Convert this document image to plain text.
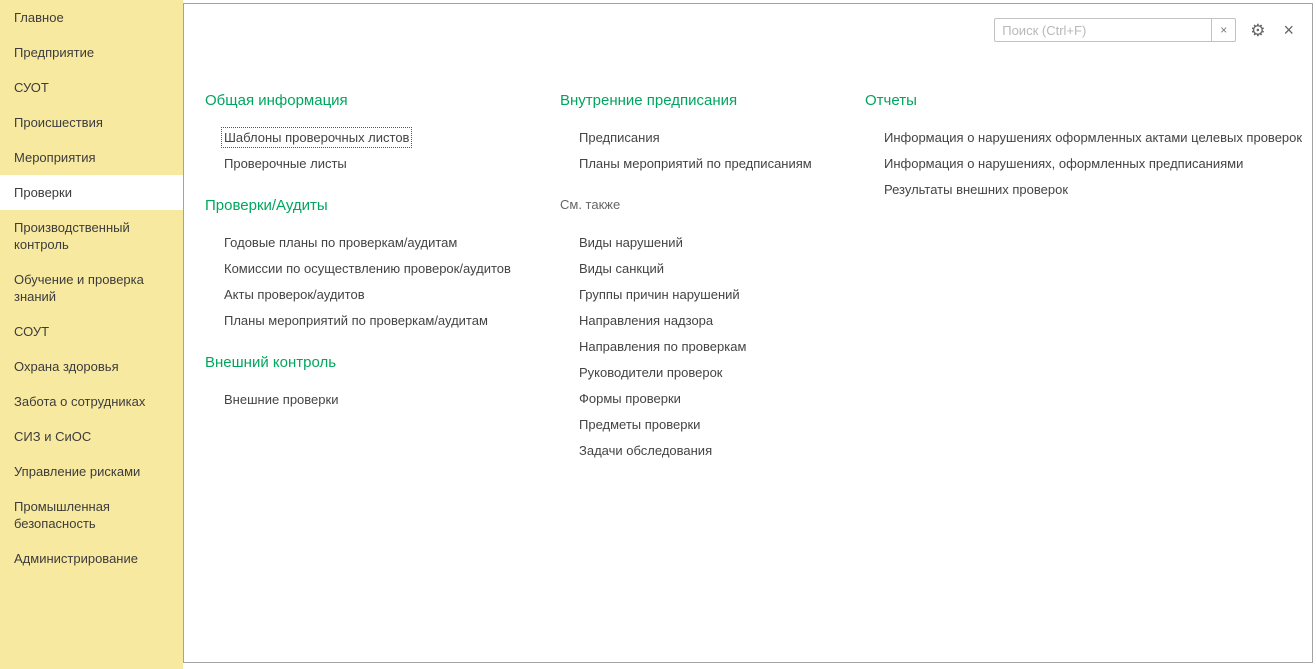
Главное
Предприятие
СУОТ
Происшествия
Мероприятия
Проверки
Производственный контроль
Обучение и проверка знаний
СОУТ
Охрана здоровья
Забота о сотрудниках
СИЗ и СиОС
Управление рисками
Промышленная безопасность
Администрирование
Поиск (Ctrl+F)
× ⚙ ×
Общая информация
Шаблоны проверочных листов
Проверочные листы
Проверки/Аудиты
Годовые планы по проверкам/аудитам
Комиссии по осуществлению проверок/аудитов
Акты проверок/аудитов
Планы мероприятий по проверкам/аудитам
Внешний контроль
Внешние проверки
Внутренние предписания
Предписания
Планы мероприятий по предписаниям
См. также
Виды нарушений
Виды санкций
Группы причин нарушений
Направления надзора
Направления по проверкам
Руководители проверок
Формы проверки
Предметы проверки
Задачи обследования
Отчеты
Информация о нарушениях оформленных актами целевых проверок
Информация о нарушениях, оформленных предписаниями
Результаты внешних проверок
